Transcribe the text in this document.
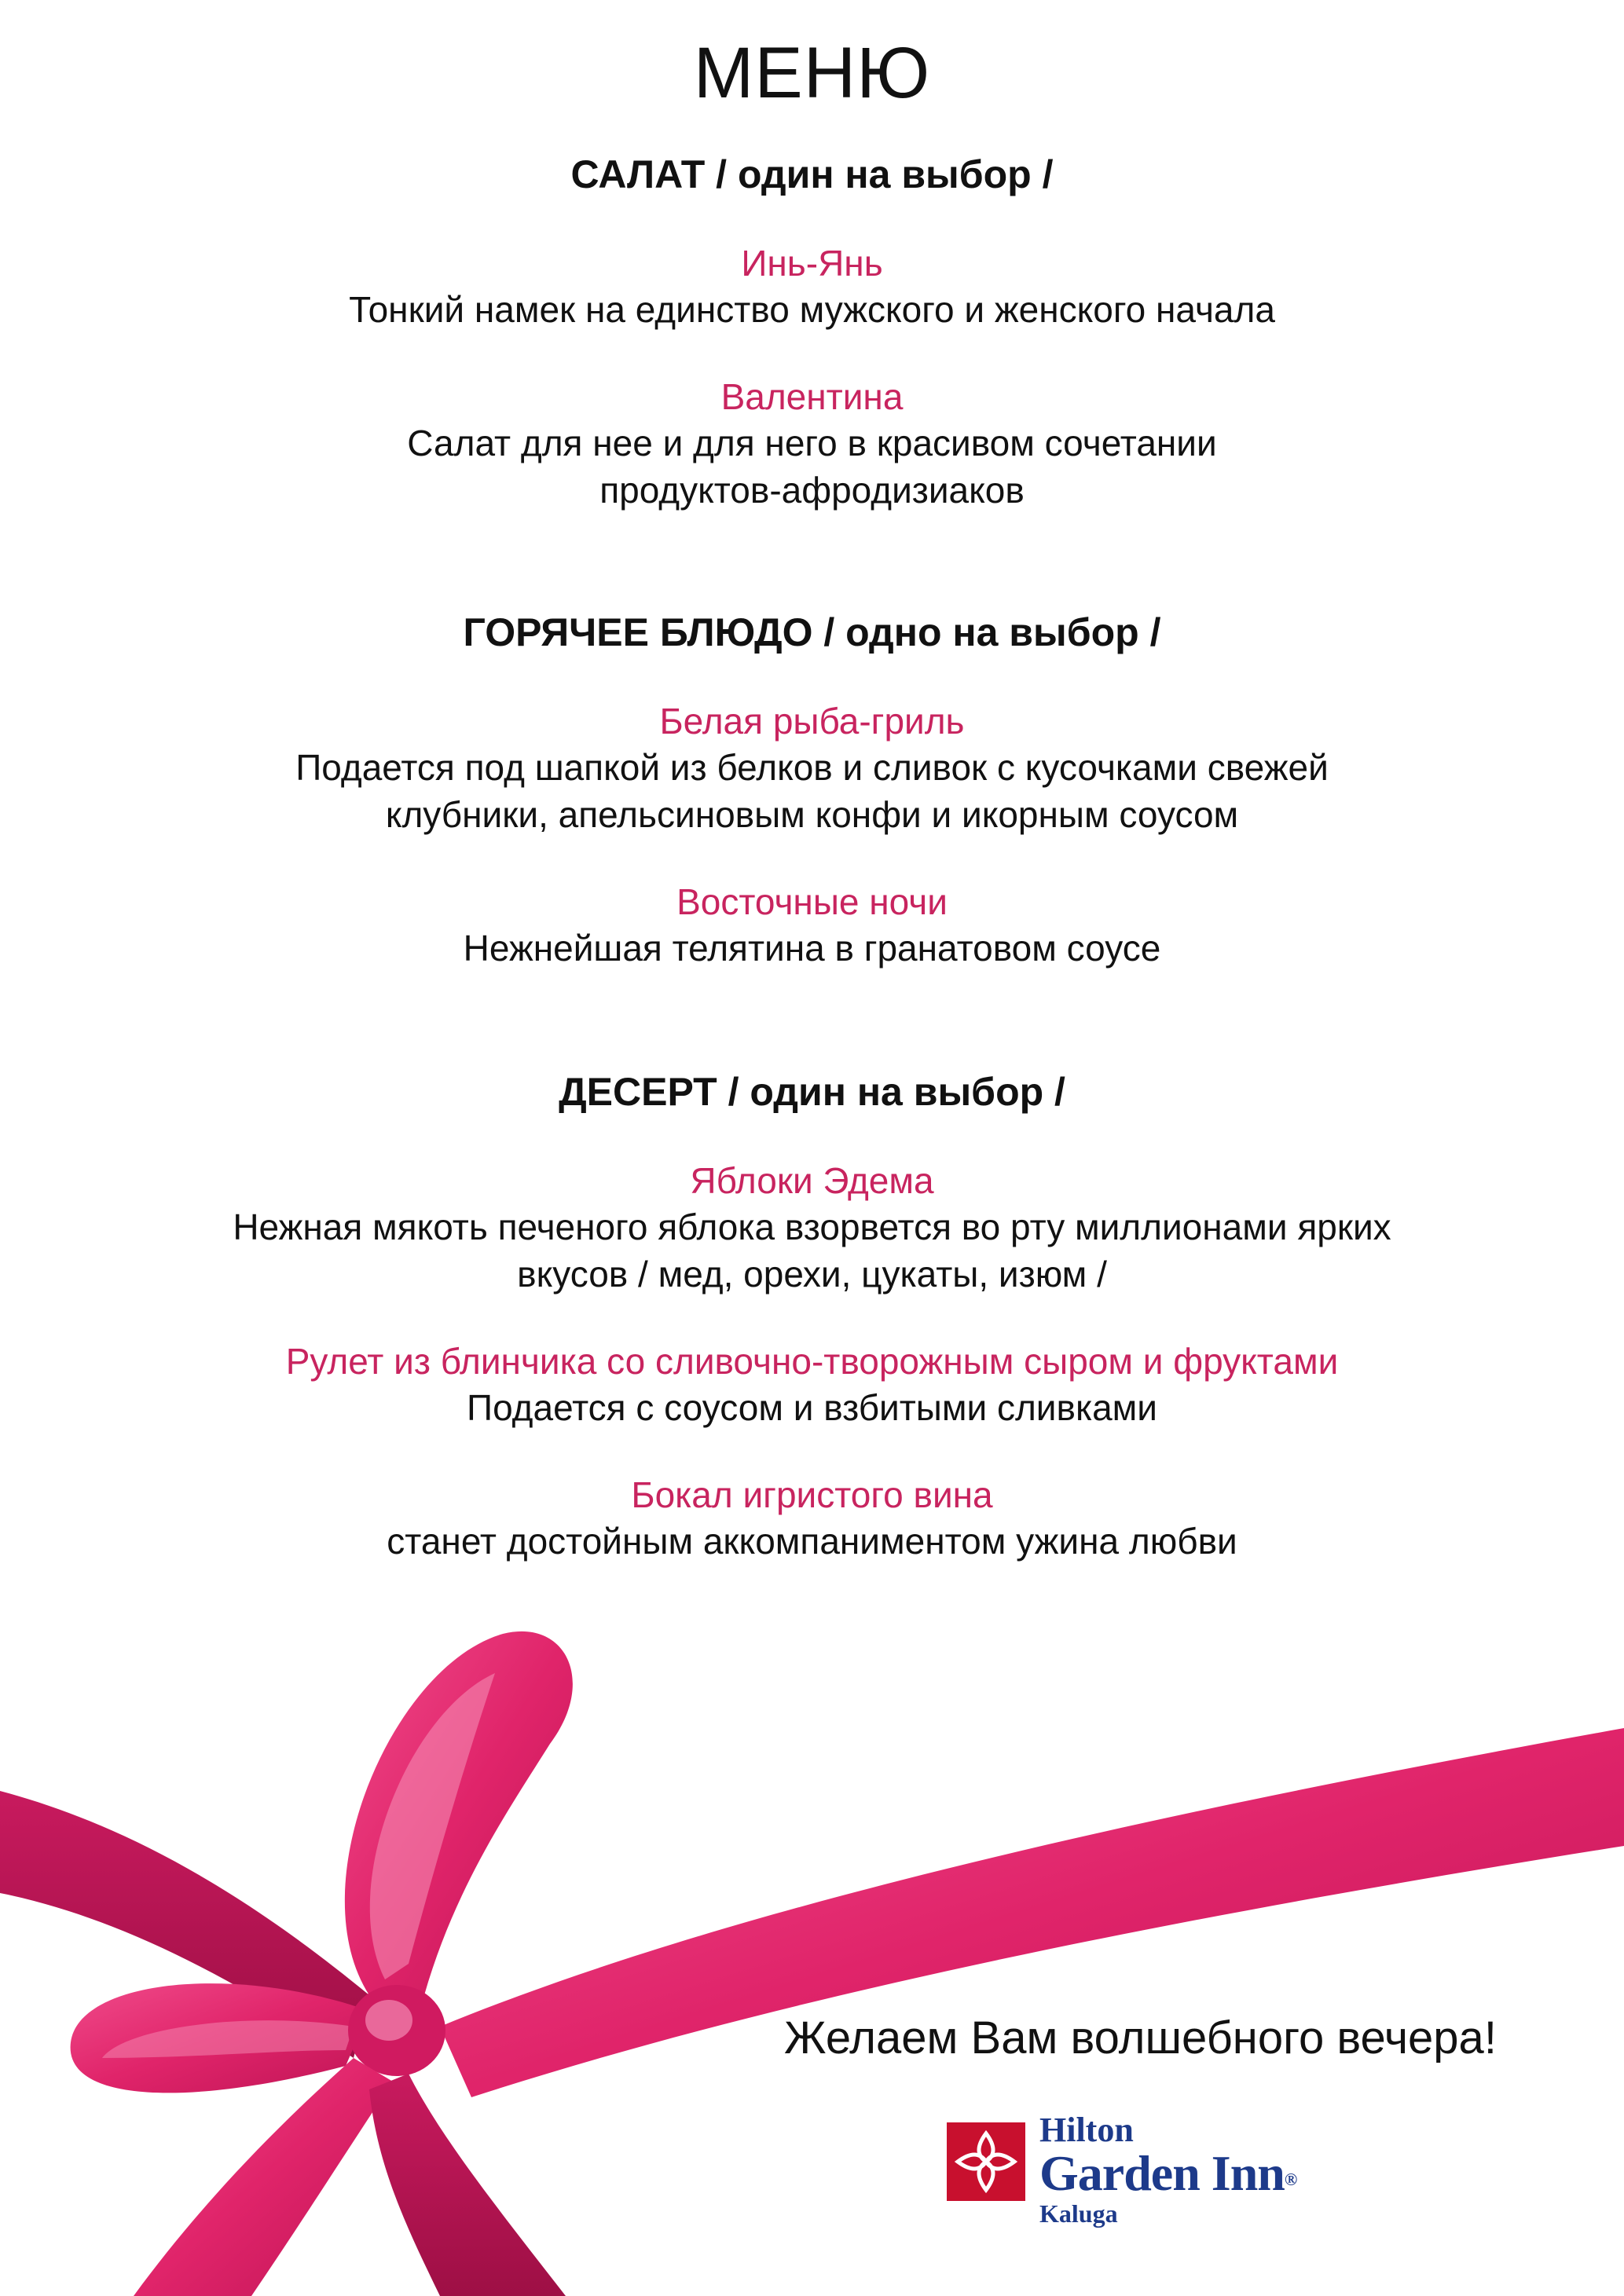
МЕНЮ
САЛАТ / один на выбор /

Инь-Янь

Тонкий намек на единство мужского и женского начала

Валентина

Салат для нее и для него в красивом сочетании
продуктов-афродизиаков

ГОРЯЧЕЕ БЛЮДО / одно на выбор /

Белая рыба-гриль

Подается под шапкой из белков и сливок с кусочками свежей
клубники, апельсиновым конфи и икорным соусом

Восточные ночи

Нежнейшая телятина в гранатовом соусе

ДЕСЕРТ / один на выбор /

Яблоки Эдема

Нежная мякоть печеного яблока взорвется во рту миллионами ярких
вкусов / мед, орехи, цукаты, изюм /

Рулет из блинчика со сливочно-творожным сыром и фруктами

Подается с соусом и взбитыми сливками

Бокал игристого вина

станет достойным аккомпаниментом ужина любви

Желаем Вам волшебного вечера!
Hilton
Garden Inn®
Kaluga
